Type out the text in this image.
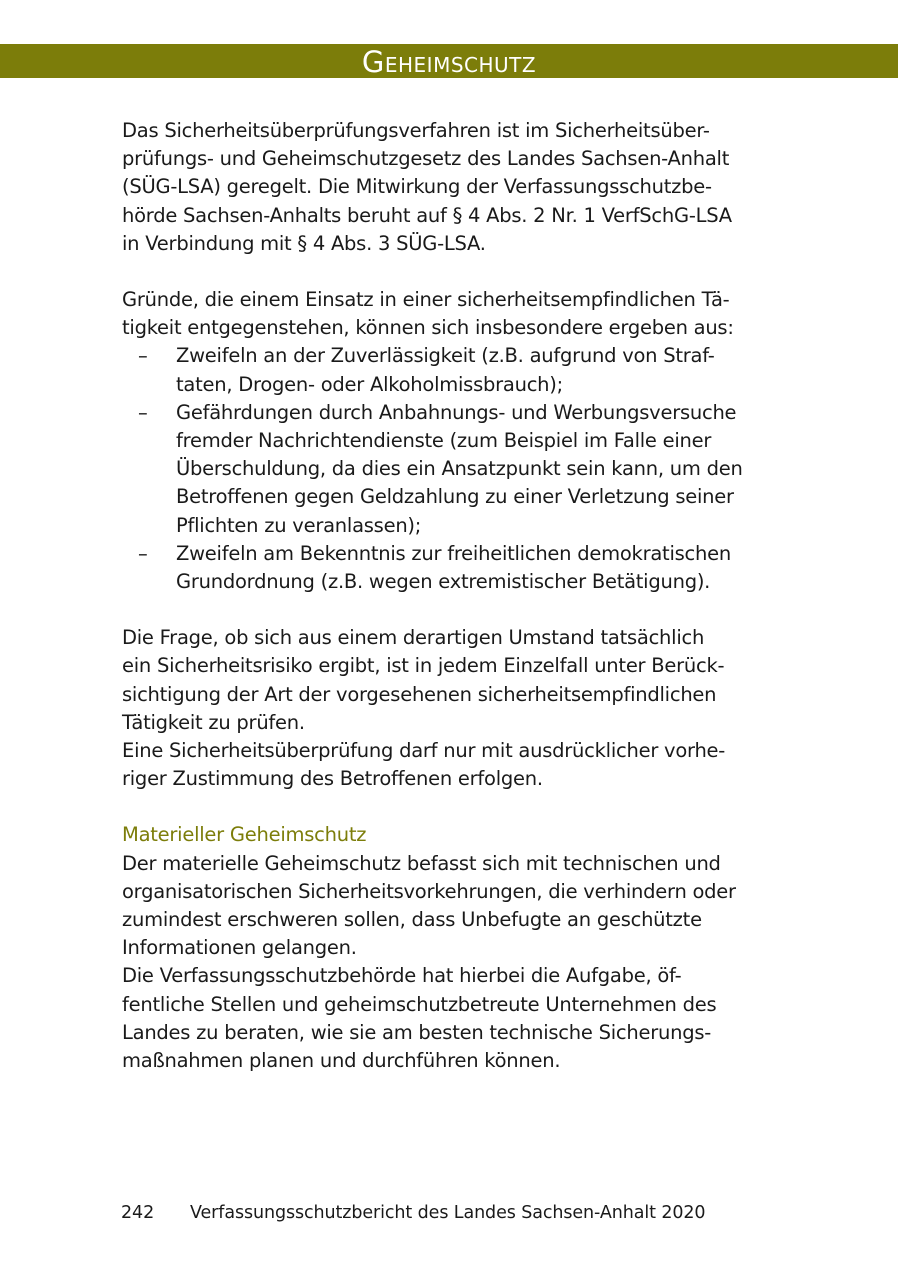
Geheimschutz

Das Sicherheitsüberprüfungsverfahren ist im Sicherheitsüber-
prüfungs- und Geheimschutzgesetz des Landes Sachsen-Anhalt
(SÜG-LSA) geregelt. Die Mitwirkung der Verfassungsschutzbe-
hörde Sachsen-Anhalts beruht auf § 4 Abs. 2 Nr. 1 VerfSchG-LSA
in Verbindung mit § 4 Abs. 3 SÜG-LSA.

Gründe, die einem Einsatz in einer sicherheitsempfindlichen Tä-
tigkeit entgegenstehen, können sich insbesondere ergeben aus:

– Zweifeln an der Zuverlässigkeit (z.B. aufgrund von Straf-
taten, Drogen- oder Alkoholmissbrauch);
– Gefährdungen durch Anbahnungs- und Werbungsversuche
fremder Nachrichtendienste (zum Beispiel im Falle einer
Überschuldung, da dies ein Ansatzpunkt sein kann, um den
Betroffenen gegen Geldzahlung zu einer Verletzung seiner
Pflichten zu veranlassen);
– Zweifeln am Bekenntnis zur freiheitlichen demokratischen
Grundordnung (z.B. wegen extremistischer Betätigung).

Die Frage, ob sich aus einem derartigen Umstand tatsächlich
ein Sicherheitsrisiko ergibt, ist in jedem Einzelfall unter Berück-
sichtigung der Art der vorgesehenen sicherheitsempfindlichen
Tätigkeit zu prüfen.

Eine Sicherheitsüberprüfung darf nur mit ausdrücklicher vorhe-
riger Zustimmung des Betroffenen erfolgen.

Materieller Geheimschutz

Der materielle Geheimschutz befasst sich mit technischen und
organisatorischen Sicherheitsvorkehrungen, die verhindern oder
zumindest erschweren sollen, dass Unbefugte an geschützte
Informationen gelangen.

Die Verfassungsschutzbehörde hat hierbei die Aufgabe, öf-
fentliche Stellen und geheimschutzbetreute Unternehmen des
Landes zu beraten, wie sie am besten technische Sicherungs-
maßnahmen planen und durchführen können.

242 Verfassungsschutzbericht des Landes Sachsen-Anhalt 2020
